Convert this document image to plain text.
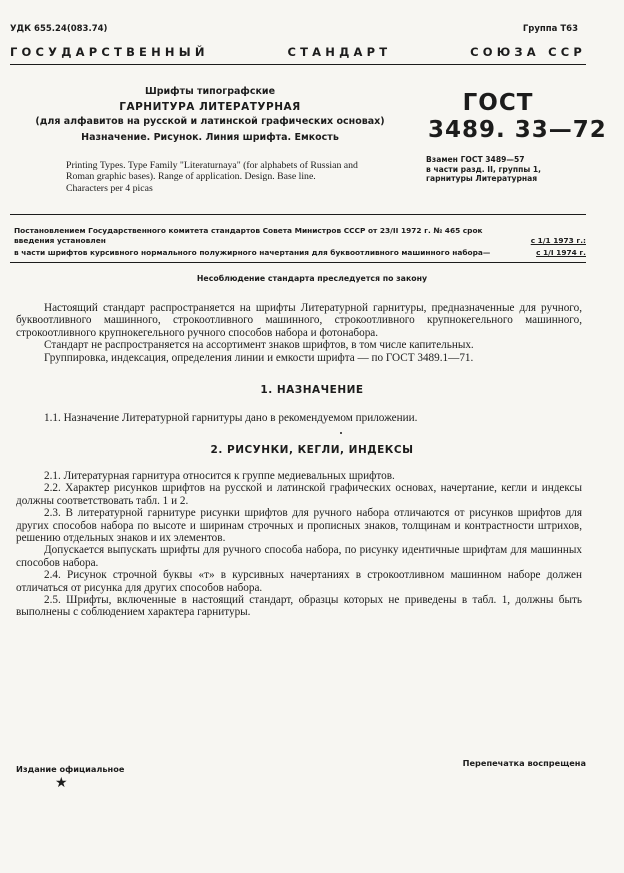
УДК 655.24(083.74)	Группа Т63
ГОСУДАРСТВЕННЫЙ	СТАНДАРТ	СОЮЗА ССР
Шрифты типографские
ГАРНИТУРА ЛИТЕРАТУРНАЯ
(для алфавитов на русской и латинской графических основах)
Назначение. Рисунок. Линия шрифта. Емкость
Printing Types. Type Family "Literaturnaya" (for alphabets of Russian and
Roman graphic bases). Range of application. Design. Base line.
Characters per 4 picas
ГОСТ
3489. 33—72
Взамен ГОСТ 3489—57
в части разд. II, группы 1,
гарнитуры Литературная
Постановлением Государственного комитета стандартов Совета Министров СССР от 23/II 1972 г. № 465 срок
введения установлен	с 1/1 1973 г.:
в части шрифтов курсивного нормального полужирного начертания для буквоотливного машинного набора—	с 1/I 1974 г.
Несоблюдение стандарта преследуется по закону

Настоящий стандарт распространяется на шрифты Литературной гарнитуры, предназначенные для ручного, буквоотливного машинного, строкоотливного машинного, строкоотливного крупнокегельного машинного, строкоотливного крупнокегельного ручного способов набора и фотонабора.

Стандарт не распространяется на ассортимент знаков шрифтов, в том числе капительных.

Группировка, индексация, определения линии и емкости шрифта — по ГОСТ 3489.1—71.

1. НАЗНАЧЕНИЕ
1.1. Назначение Литературной гарнитуры дано в рекомендуемом приложении.
2. РИСУНКИ, КЕГЛИ, ИНДЕКСЫ

2.1. Литературная гарнитура относится к группе медиевальных шрифтов.

2.2. Характер рисунков шрифтов на русской и латинской графических основах, начертание, кегли и индексы должны соответствовать табл. 1 и 2.

2.3. В литературной гарнитуре рисунки шрифтов для ручного набора отличаются от рисунков шрифтов для других способов набора по высоте и ширинам строчных и прописных знаков, толщинам и контрастности штрихов, решению отдельных знаков и их элементов.

Допускается выпускать шрифты для ручного способа набора, по рисунку идентичные шрифтам для машинных способов набора.

2.4. Рисунок строчной буквы «т» в курсивных начертаниях в строкоотливном машинном наборе должен отличаться от рисунка для других способов набора.

2.5. Шрифты, включенные в настоящий стандарт, образцы которых не приведены в табл. 1, должны быть выполнены с соблюдением характера гарнитуры.

Издание официальное
★
Перепечатка воспрещена
